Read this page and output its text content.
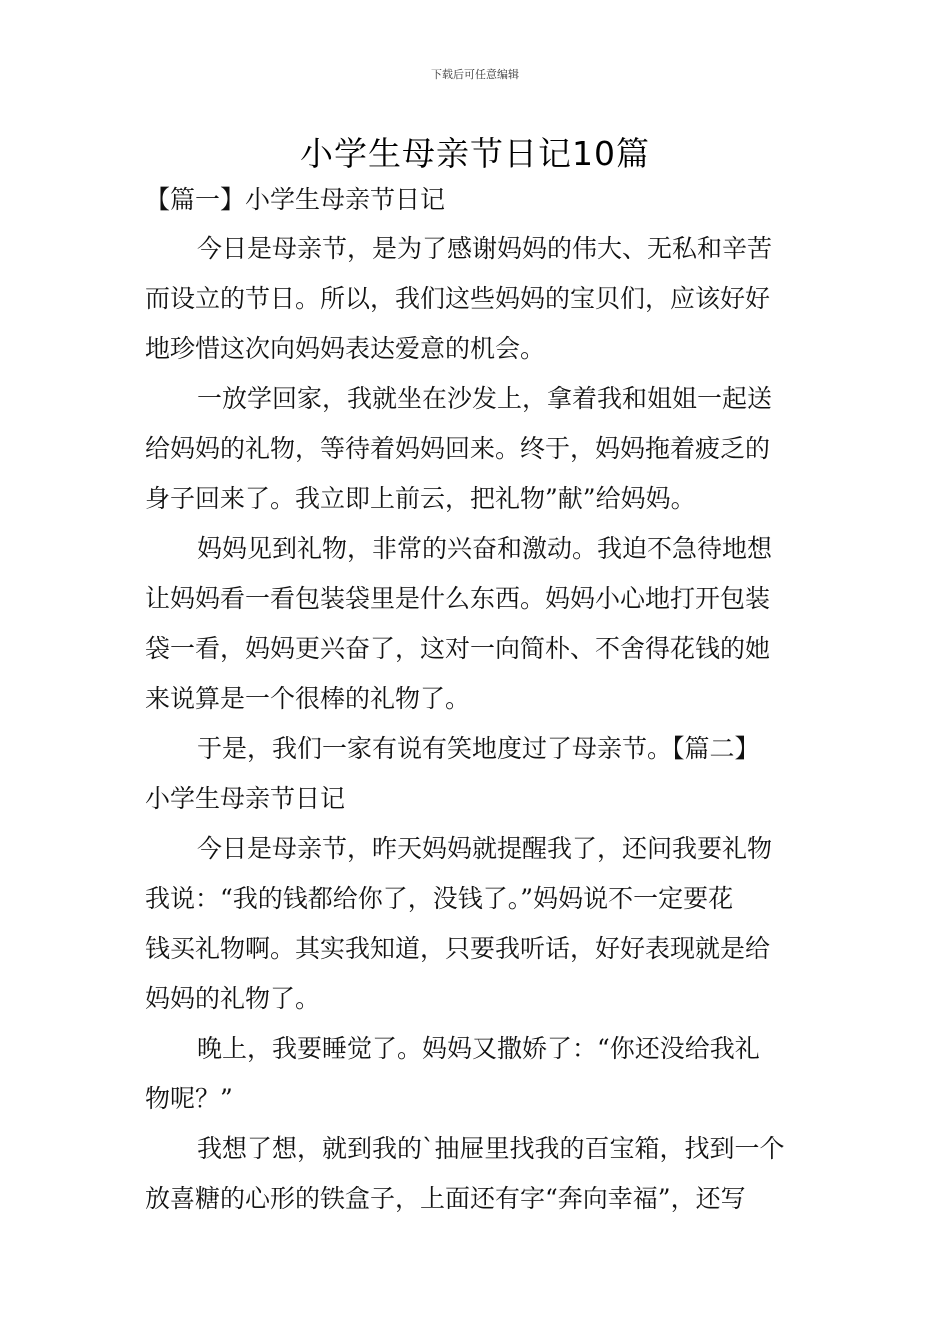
下载后可任意编辑
小学生母亲节日记10篇
【篇一】小学生母亲节日记
今日是母亲节，是为了感谢妈妈的伟大、无私和辛苦
而设立的节日。所以，我们这些妈妈的宝贝们，应该好好
地珍惜这次向妈妈表达爱意的机会。
一放学回家，我就坐在沙发上，拿着我和姐姐一起送
给妈妈的礼物，等待着妈妈回来。终于，妈妈拖着疲乏的
身子回来了。我立即上前云，把礼物”献”给妈妈。
妈妈见到礼物，非常的兴奋和激动。我迫不急待地想
让妈妈看一看包装袋里是什么东西。妈妈小心地打开包装
袋一看，妈妈更兴奋了，这对一向简朴、不舍得花钱的她
来说算是一个很棒的礼物了。
于是，我们一家有说有笑地度过了母亲节。【篇二】
小学生母亲节日记
今日是母亲节，昨天妈妈就提醒我了，还问我要礼物
我说：“我的钱都给你了，没钱了。”妈妈说不一定要花
钱买礼物啊。其实我知道，只要我听话，好好表现就是给
妈妈的礼物了。
晚上，我要睡觉了。妈妈又撒娇了：“你还没给我礼
物呢？”
我想了想，就到我的`抽屉里找我的百宝箱，找到一个
放喜糖的心形的铁盒子，上面还有字“奔向幸福”，还写
